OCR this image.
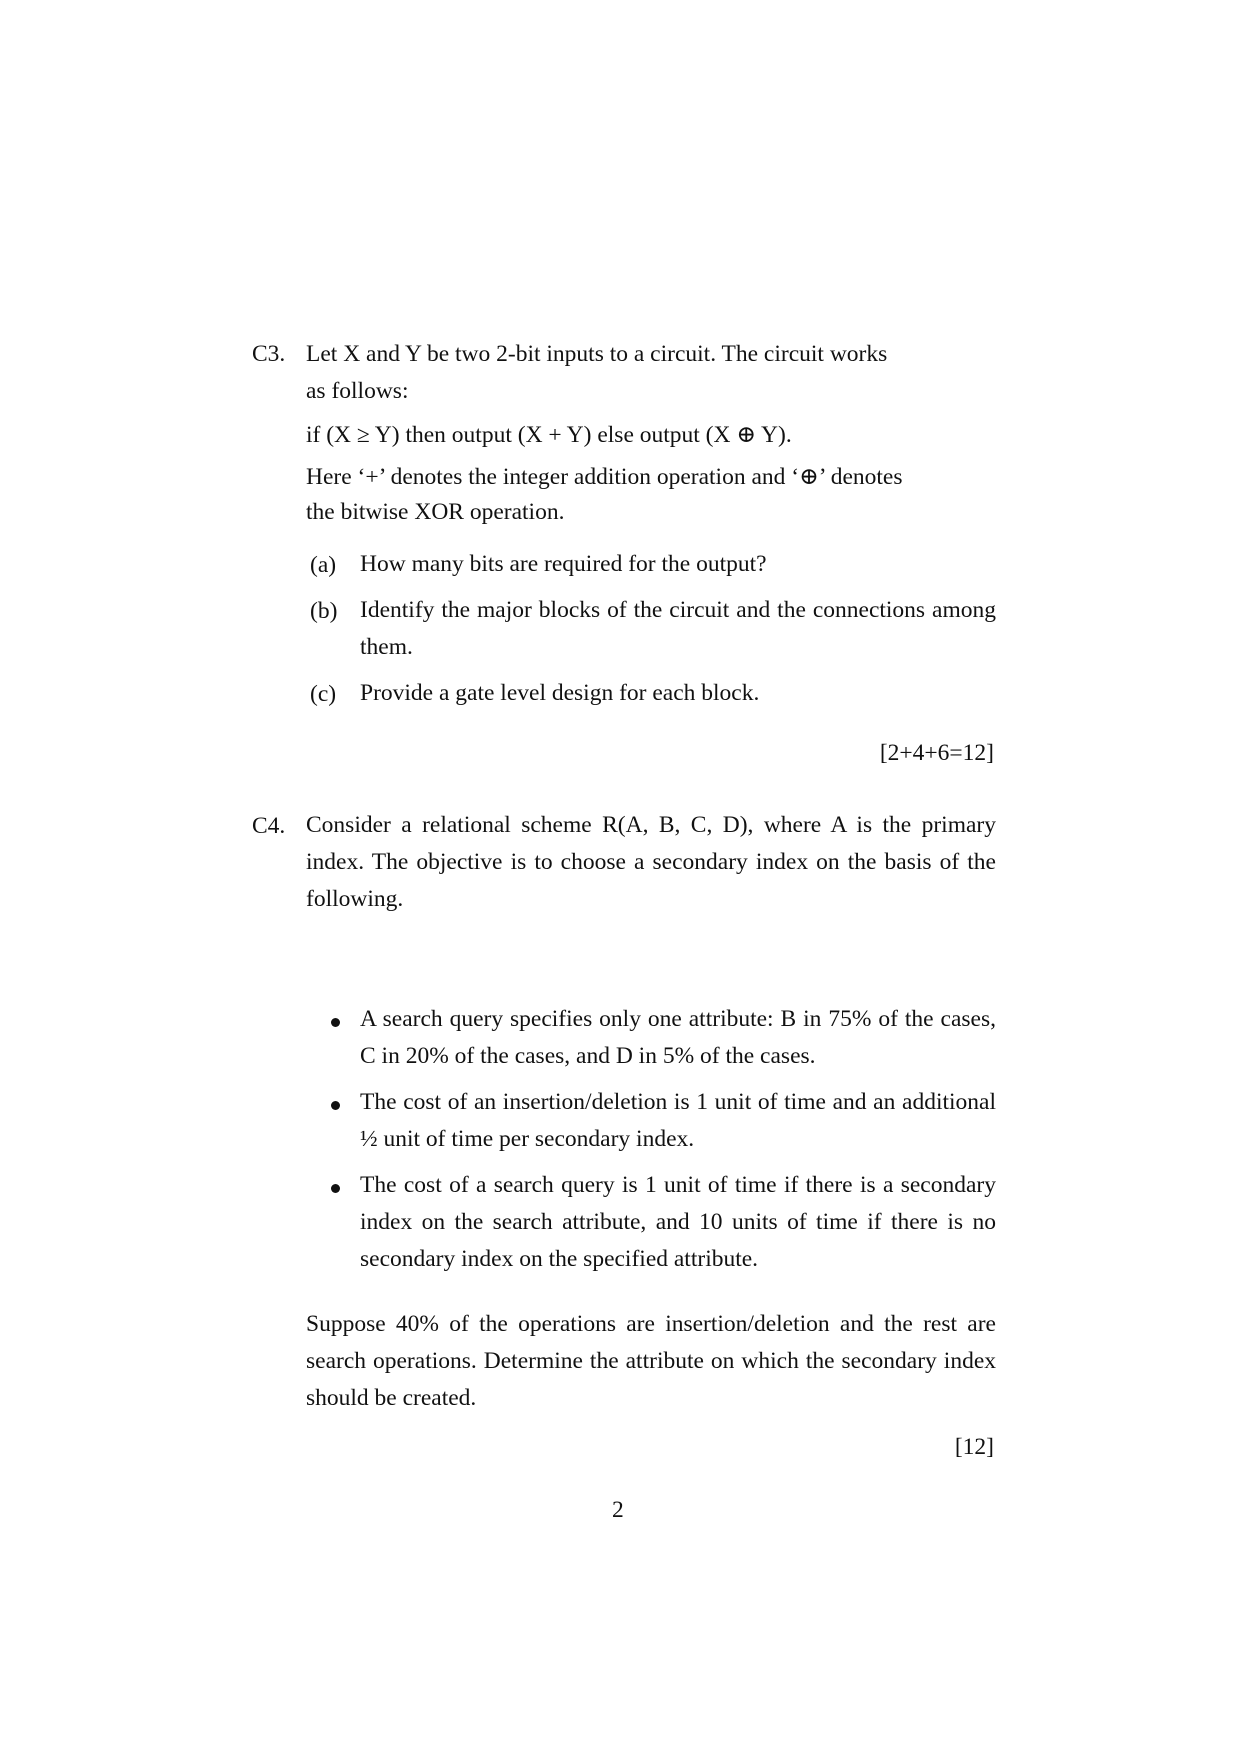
C3. Let X and Y be two 2-bit inputs to a circuit. The circuit works
as follows:
if (X ≥ Y) then output (X + Y) else output (X ⊕ Y).
Here ‘+’ denotes the integer addition operation and ‘⊕’ denotes
the bitwise XOR operation.
(a) How many bits are required for the output?
(b) Identify the major blocks of the circuit and the connections among them.
(c) Provide a gate level design for each block.
[2+4+6=12]
C4. Consider a relational scheme R(A, B, C, D), where A is the primary index. The objective is to choose a secondary index on the basis of the following.
A search query specifies only one attribute: B in 75% of the cases, C in 20% of the cases, and D in 5% of the cases.
The cost of an insertion/deletion is 1 unit of time and an additional ½ unit of time per secondary index.
The cost of a search query is 1 unit of time if there is a secondary index on the search attribute, and 10 units of time if there is no secondary index on the specified attribute.
Suppose 40% of the operations are insertion/deletion and the rest are search operations. Determine the attribute on which the secondary index should be created.
[12]
2
